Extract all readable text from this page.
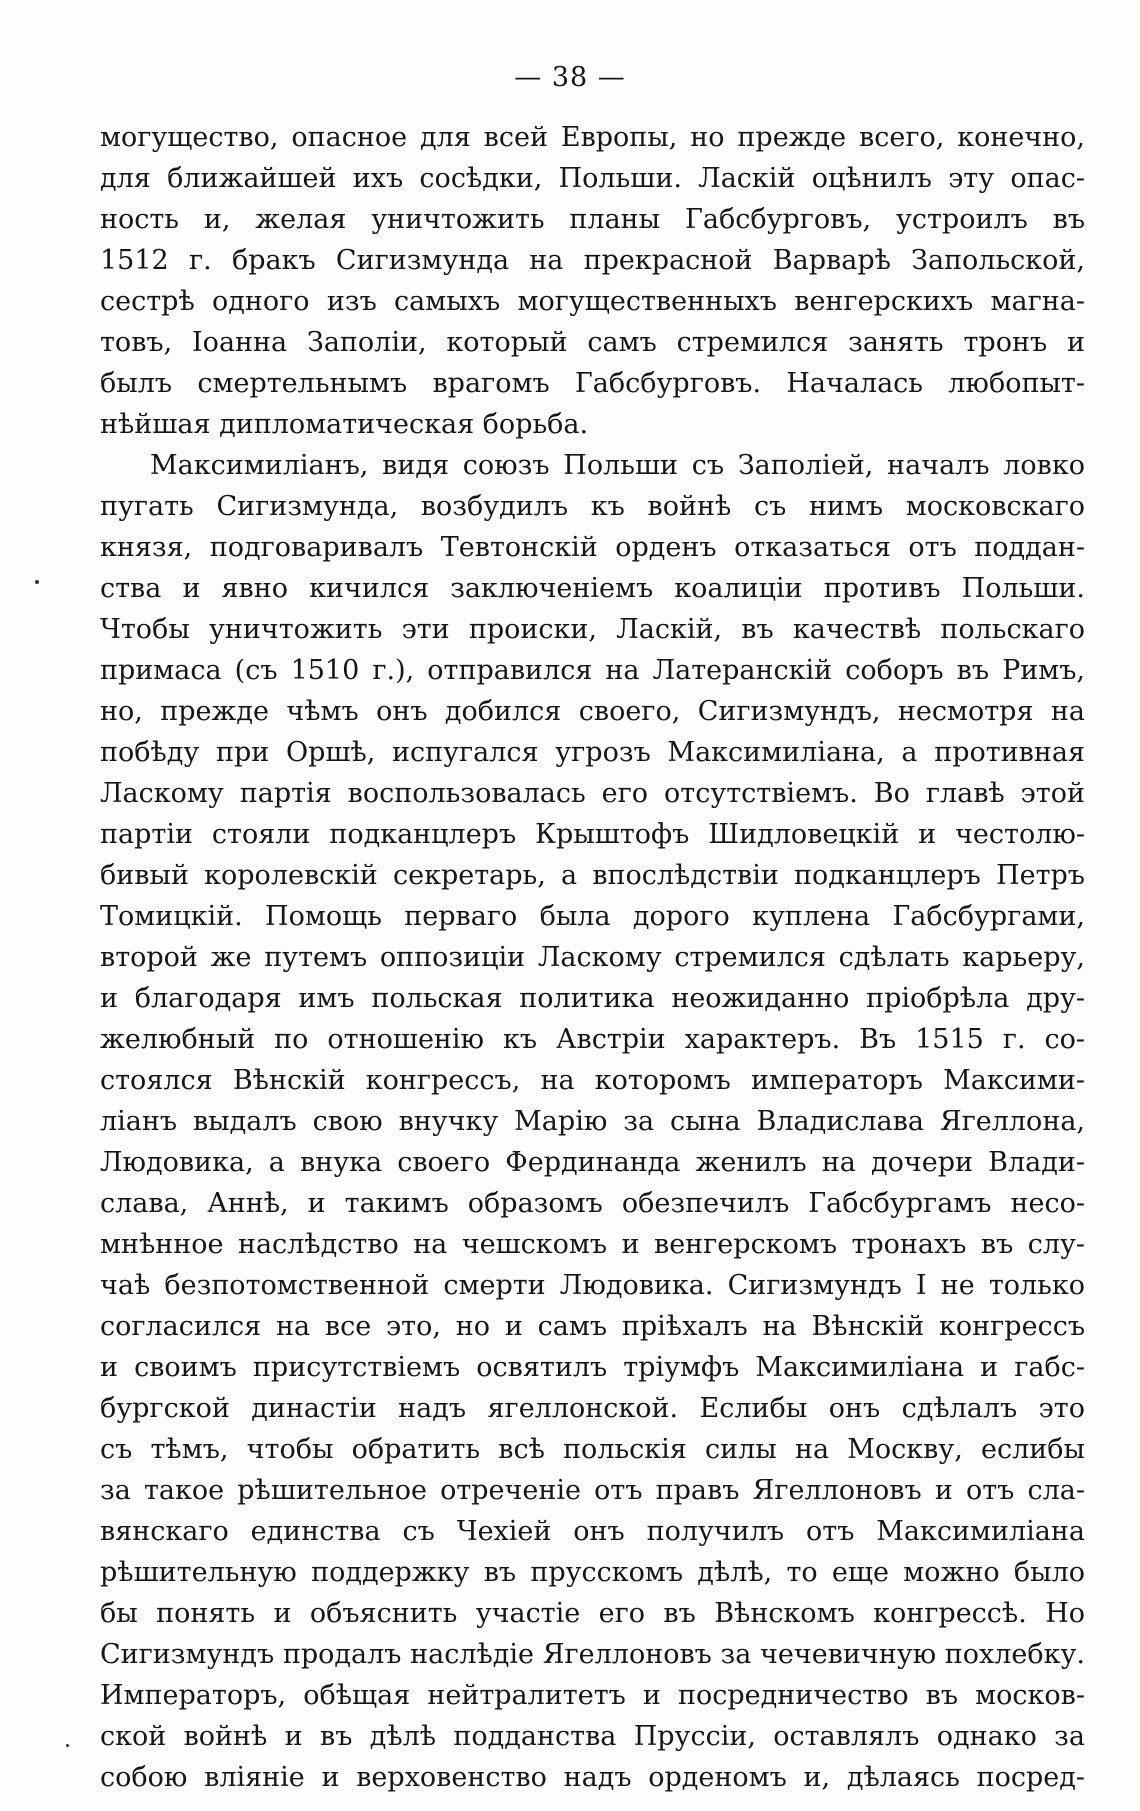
— 38 —
могущество, опасное для всей Европы, но прежде всего, конечно,
для ближайшей ихъ сосѣдки, Польши. Ласкій оцѣнилъ эту опас-
ность и, желая уничтожить планы Габсбурговъ, устроилъ въ
1512 г. бракъ Сигизмунда на прекрасной Варварѣ Запольской,
сестрѣ одного изъ самыхъ могущественныхъ венгерскихъ магна-
товъ, Іоанна Заполіи, который самъ стремился занять тронъ и
былъ смертельнымъ врагомъ Габсбурговъ. Началась любопыт-
нѣйшая дипломатическая борьба.
Максимиліанъ, видя союзъ Польши съ Заполіей, началъ ловко
пугать Сигизмунда, возбудилъ къ войнѣ съ нимъ московскаго
князя, подговаривалъ Тевтонскій орденъ отказаться отъ поддан-
ства и явно кичился заключеніемъ коалиціи противъ Польши.
Чтобы уничтожить эти происки, Ласкій, въ качествѣ польскаго
примаса (съ 1510 г.), отправился на Латеранскій соборъ въ Римъ,
но, прежде чѣмъ онъ добился своего, Сигизмундъ, несмотря на
побѣду при Оршѣ, испугался угрозъ Максимиліана, а противная
Ласкому партія воспользовалась его отсутствіемъ. Во главѣ этой
партіи стояли подканцлеръ Крыштофъ Шидловецкій и честолю-
бивый королевскій секретарь, а впослѣдствіи подканцлеръ Петръ
Томицкій. Помощь перваго была дорого куплена Габсбургами,
второй же путемъ оппозиціи Ласкому стремился сдѣлать карьеру,
и благодаря имъ польская политика неожиданно пріобрѣла дру-
желюбный по отношенію къ Австріи характеръ. Въ 1515 г. со-
стоялся Вѣнскій конгрессъ, на которомъ императоръ Максими-
ліанъ выдалъ свою внучку Марію за сына Владислава Ягеллона,
Людовика, а внука своего Фердинанда женилъ на дочери Влади-
слава, Аннѣ, и такимъ образомъ обезпечилъ Габсбургамъ несо-
мнѣнное наслѣдство на чешскомъ и венгерскомъ тронахъ въ слу-
чаѣ безпотомственной смерти Людовика. Сигизмундъ I не только
согласился на все это, но и самъ пріѣхалъ на Вѣнскій конгрессъ
и своимъ присутствіемъ освятилъ тріумфъ Максимиліана и габс-
бургской династіи надъ ягеллонской. Еслибы онъ сдѣлалъ это
съ тѣмъ, чтобы обратить всѣ польскія силы на Москву, еслибы
за такое рѣшительное отреченіе отъ правъ Ягеллоновъ и отъ сла-
вянскаго единства съ Чехіей онъ получилъ отъ Максимиліана
рѣшительную поддержку въ прусскомъ дѣлѣ, то еще можно было
бы понять и объяснить участіе его въ Вѣнскомъ конгрессѣ. Но
Сигизмундъ продалъ наслѣдіе Ягеллоновъ за чечевичную похлебку.
Императоръ, обѣщая нейтралитетъ и посредничество въ москов-
ской войнѣ и въ дѣлѣ подданства Пруссіи, оставлялъ однако за
собою вліяніе и верховенство надъ орденомъ и, дѣлаясь посред-
